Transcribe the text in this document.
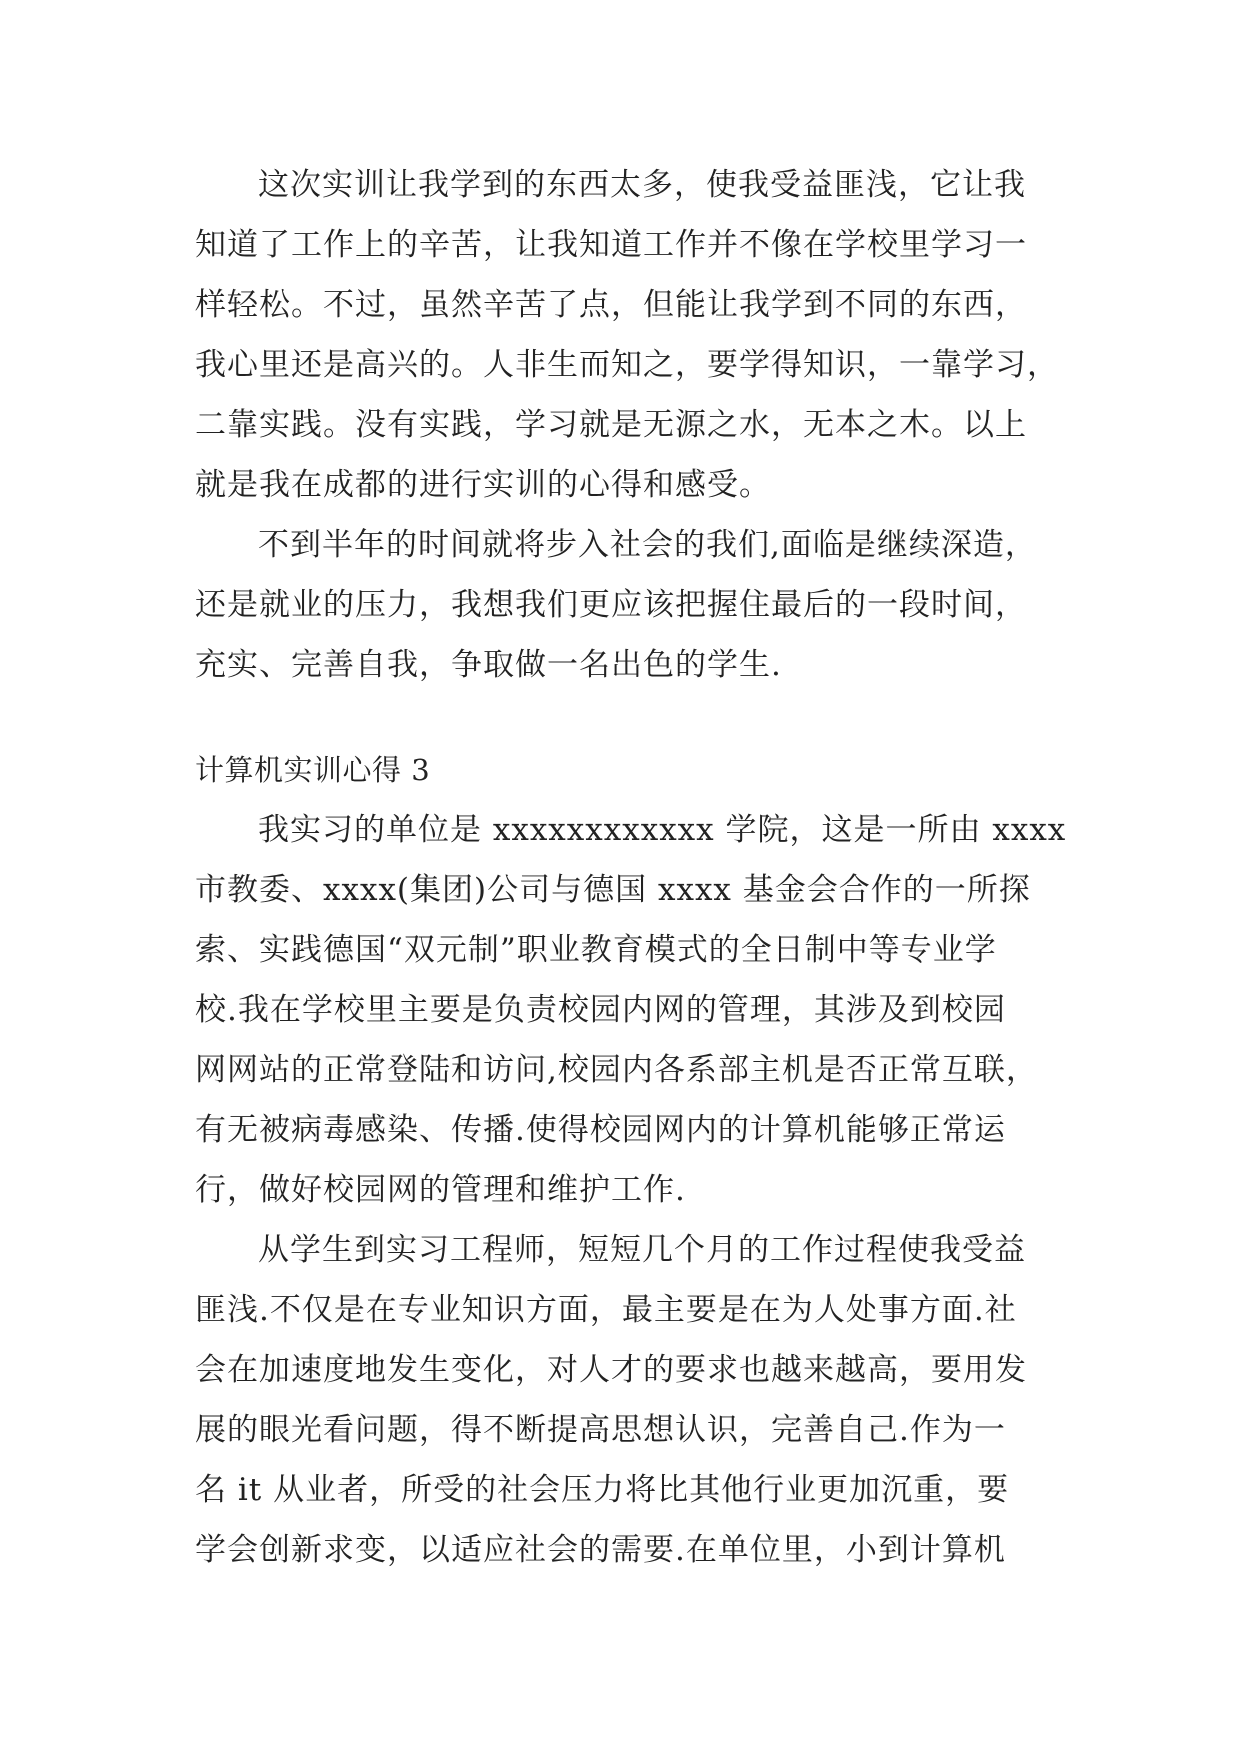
这次实训让我学到的东西太多，使我受益匪浅，它让我
知道了工作上的辛苦，让我知道工作并不像在学校里学习一
样轻松。不过，虽然辛苦了点，但能让我学到不同的东西，
我心里还是高兴的。人非生而知之，要学得知识，一靠学习，
二靠实践。没有实践，学习就是无源之水，无本之木。以上
就是我在成都的进行实训的心得和感受。
不到半年的时间就将步入社会的我们,面临是继续深造，
还是就业的压力，我想我们更应该把握住最后的一段时间，
充实、完善自我，争取做一名出色的学生.
计算机实训心得 3
我实习的单位是 xxxxxxxxxxxx 学院，这是一所由 xxxx
市教委、xxxx(集团)公司与德国 xxxx 基金会合作的一所探
索、实践德国“双元制”职业教育模式的全日制中等专业学
校.我在学校里主要是负责校园内网的管理，其涉及到校园
网网站的正常登陆和访问,校园内各系部主机是否正常互联，
有无被病毒感染、传播.使得校园网内的计算机能够正常运
行，做好校园网的管理和维护工作.
从学生到实习工程师，短短几个月的工作过程使我受益
匪浅.不仅是在专业知识方面，最主要是在为人处事方面.社
会在加速度地发生变化，对人才的要求也越来越高，要用发
展的眼光看问题，得不断提高思想认识，完善自己.作为一
名 it 从业者，所受的社会压力将比其他行业更加沉重，要
学会创新求变，以适应社会的需要.在单位里，小到计算机
